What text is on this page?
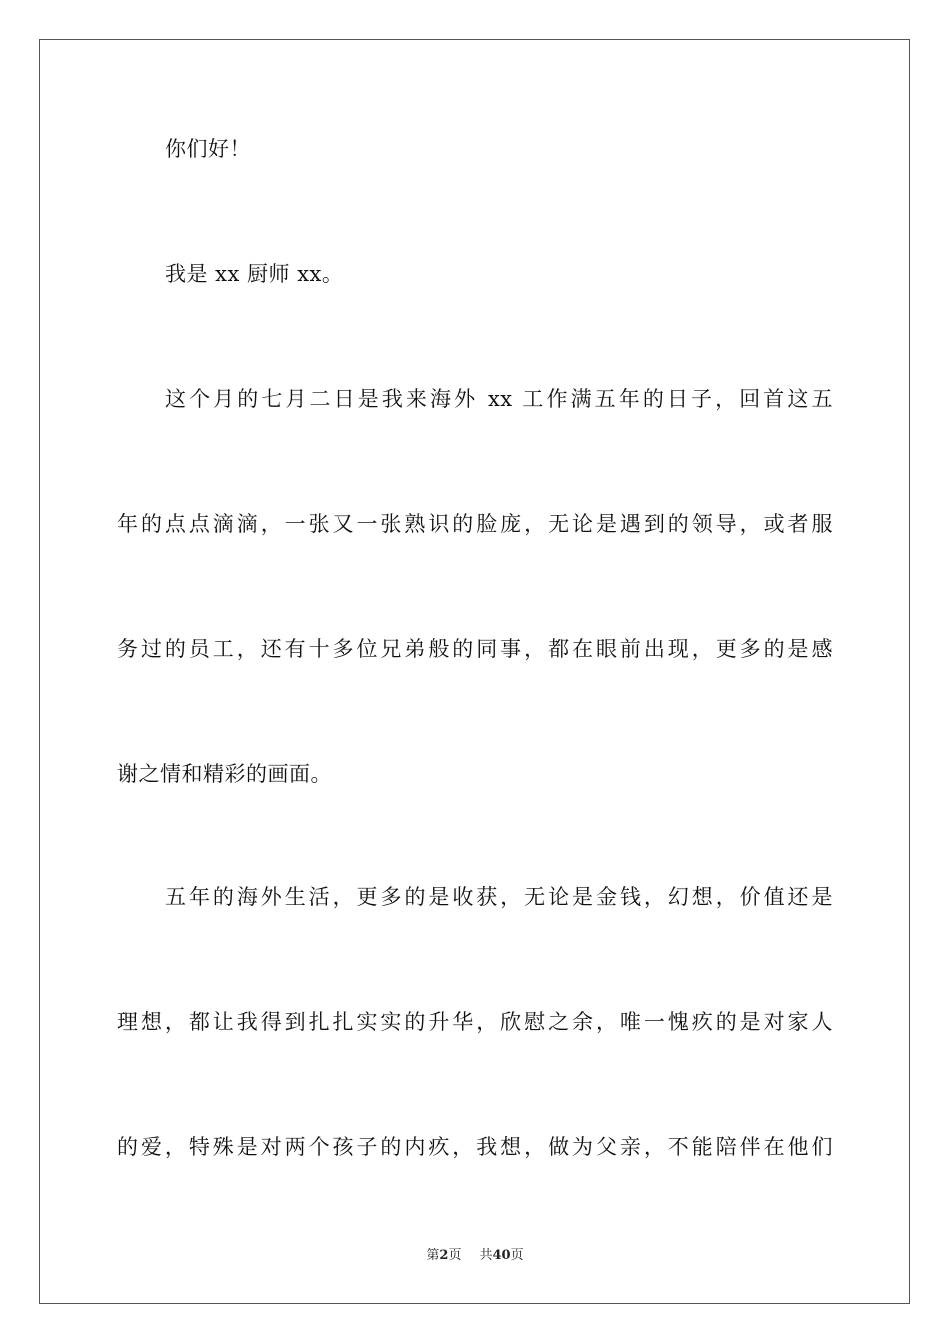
你们好！
我是 xx 厨师 xx。
这个月的七月二日是我来海外 xx 工作满五年的日子，回首这五
年的点点滴滴，一张又一张熟识的脸庞，无论是遇到的领导，或者服
务过的员工，还有十多位兄弟般的同事，都在眼前出现，更多的是感
谢之情和精彩的画面。
五年的海外生活，更多的是收获，无论是金钱，幻想，价值还是
理想，都让我得到扎扎实实的升华，欣慰之余，唯一愧疚的是对家人
的爱，特殊是对两个孩子的内疚，我想，做为父亲，不能陪伴在他们
第2页 共40页
